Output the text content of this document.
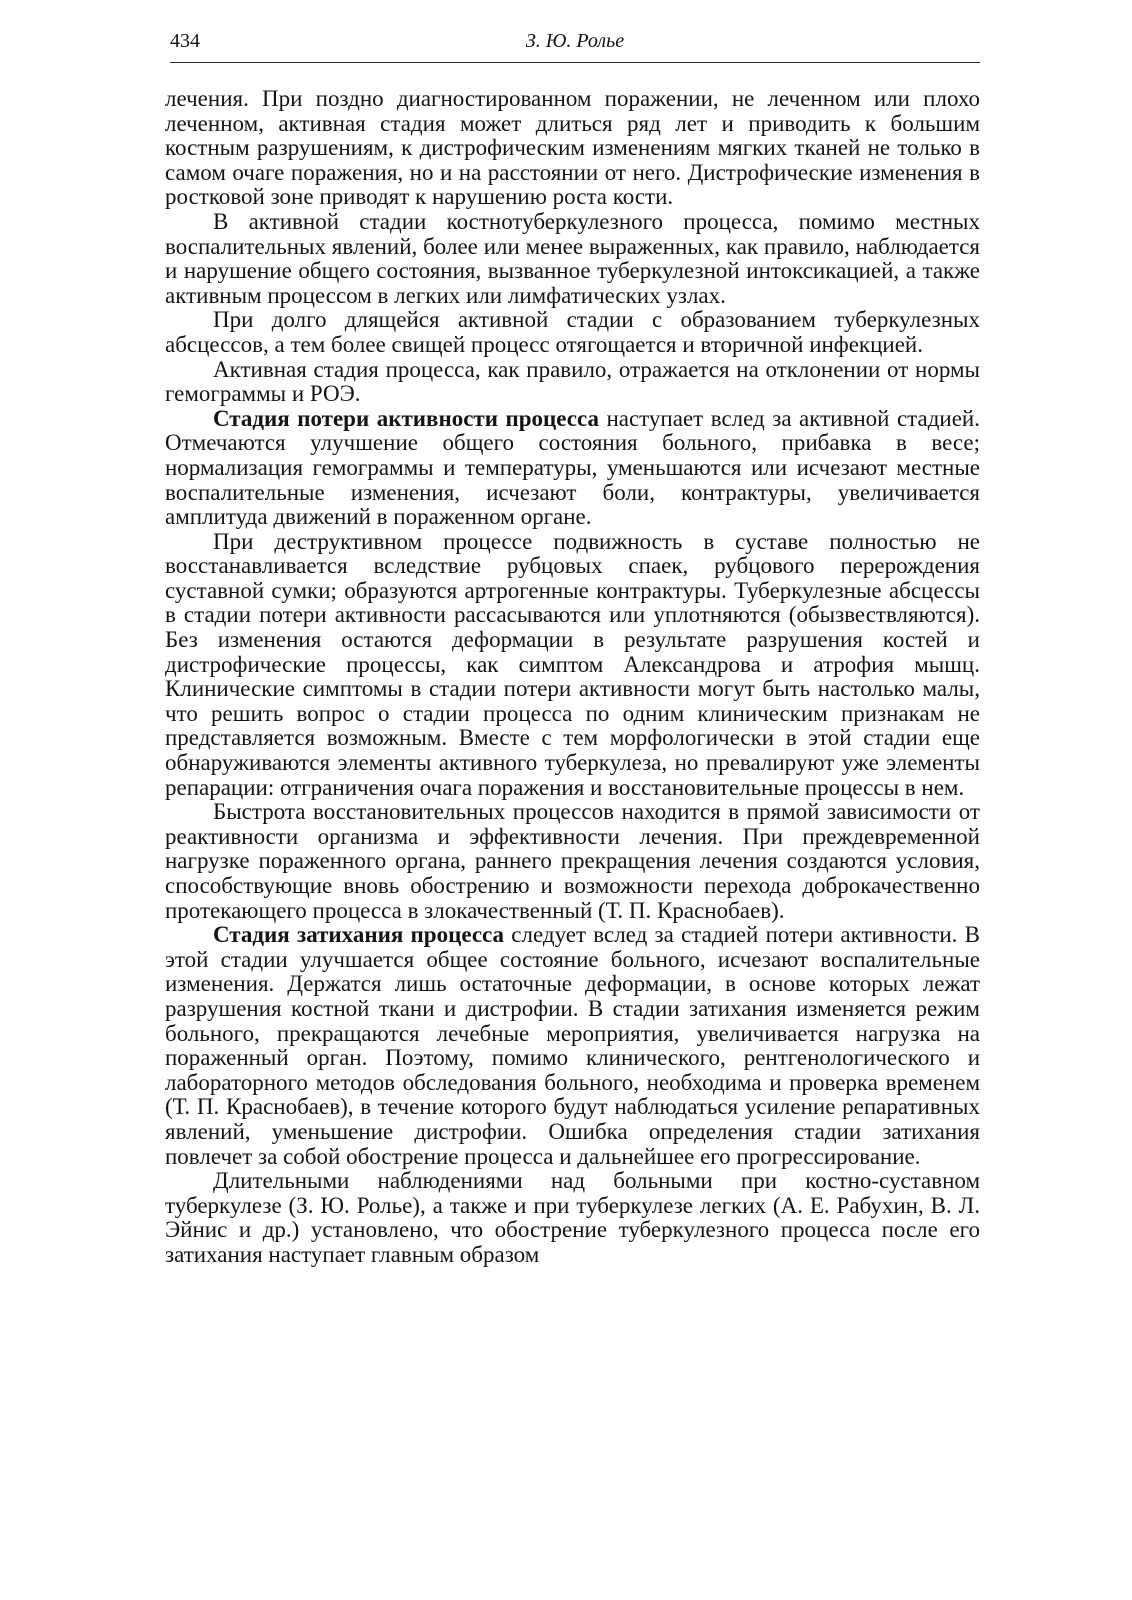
434	З. Ю. Ролье

лечения. При поздно диагностированном поражении, не леченном или плохо леченном, активная стадия может длиться ряд лет и приводить к большим костным разрушениям, к дистрофическим изменениям мягких тканей не только в самом очаге поражения, но и на расстоянии от него. Дистрофические изменения в ростковой зоне приводят к нарушению роста кости.

В активной стадии костнотуберкулезного процесса, помимо местных воспалительных явлений, более или менее выраженных, как правило, наблюдается и нарушение общего состояния, вызванное туберкулезной интоксикацией, а также активным процессом в легких или лимфатических узлах.

При долго длящейся активной стадии с образованием туберкулезных абсцессов, а тем более свищей процесс отягощается и вторичной инфекцией.

Активная стадия процесса, как правило, отражается на отклонении от нормы гемограммы и РОЭ.

Стадия потери активности процесса наступает вслед за активной стадией. Отмечаются улучшение общего состояния больного, прибавка в весе; нормализация гемограммы и температуры, уменьшаются или исчезают местные воспалительные изменения, исчезают боли, контрактуры, увеличивается амплитуда движений в пораженном органе.

При деструктивном процессе подвижность в суставе полностью не восстанавливается вследствие рубцовых спаек, рубцового перерождения суставной сумки; образуются артрогенные контрактуры. Туберкулезные абсцессы в стадии потери активности рассасываются или уплотняются (обызвествляются). Без изменения остаются деформации в результате разрушения костей и дистрофические процессы, как симптом Александрова и атрофия мышц. Клинические симптомы в стадии потери активности могут быть настолько малы, что решить вопрос о стадии процесса по одним клиническим признакам не представляется возможным. Вместе с тем морфологически в этой стадии еще обнаруживаются элементы активного туберкулеза, но превалируют уже элементы репарации: отграничения очага поражения и восстановительные процессы в нем.

Быстрота восстановительных процессов находится в прямой зависимости от реактивности организма и эффективности лечения. При преждевременной нагрузке пораженного органа, раннего прекращения лечения создаются условия, способствующие вновь обострению и возможности перехода доброкачественно протекающего процесса в злокачественный (Т. П. Краснобаев).

Стадия затихания процесса следует вслед за стадией потери активности. В этой стадии улучшается общее состояние больного, исчезают воспалительные изменения. Держатся лишь остаточные деформации, в основе которых лежат разрушения костной ткани и дистрофии. В стадии затихания изменяется режим больного, прекращаются лечебные мероприятия, увеличивается нагрузка на пораженный орган. Поэтому, помимо клинического, рентгенологического и лабораторного методов обследования больного, необходима и проверка временем (Т. П. Краснобаев), в течение которого будут наблюдаться усиление репаративных явлений, уменьшение дистрофии. Ошибка определения стадии затихания повлечет за собой обострение процесса и дальнейшее его прогрессирование.

Длительными наблюдениями над больными при костно-суставном туберкулезе (З. Ю. Ролье), а также и при туберкулезе легких (А. Е. Рабухин, В. Л. Эйнис и др.) установлено, что обострение туберкулезного процесса после его затихания наступает главным образом
